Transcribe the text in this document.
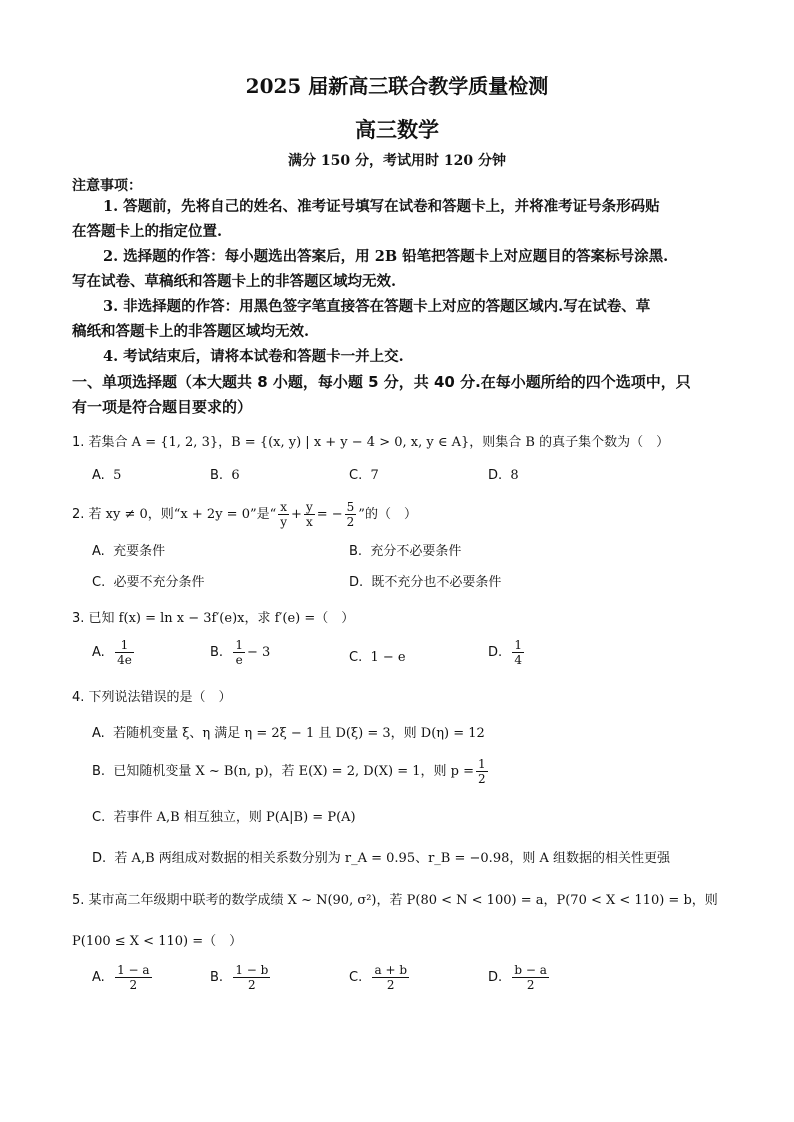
2025 届新高三联合教学质量检测
高三数学
满分 150 分，考试用时 120 分钟
注意事项：
1. 答题前，先将自己的姓名、准考证号填写在试卷和答题卡上，并将准考证号条形码贴
在答题卡上的指定位置.
2. 选择题的作答：每小题选出答案后，用 2B 铅笔把答题卡上对应题目的答案标号涂黑.
写在试卷、草稿纸和答题卡上的非答题区域均无效.
3. 非选择题的作答：用黑色签字笔直接答在答题卡上对应的答题区域内.写在试卷、草
稿纸和答题卡上的非答题区域均无效.
4. 考试结束后，请将本试卷和答题卡一并上交.
一、单项选择题（本大题共 8 小题，每小题 5 分，共 40 分.在每小题所给的四个选项中，只
有一项是符合题目要求的）
1. 若集合 A = {1, 2, 3}，B = {(x, y) | x + y − 4 > 0, x, y ∈ A}，则集合 B 的真子集个数为（　）
A. 5	B. 6	C. 7	D. 8
2. 若 xy ≠ 0，则“x + 2y = 0”是“ $\frac{x}{y} + \frac{y}{x}$ = − $\frac{5}{2}$ ”的（　）
A. 充要条件	B. 充分不必要条件
C. 必要不充分条件	D. 既不充分也不必要条件
3. 已知 f(x) = ln x − 3f′(e)x，求 f′(e) =（　）
A. $\frac{1}{4e}$	B. $\frac{1}{e} - 3$	C. 1 − e	D. $\frac{1}{4}$
4. 下列说法错误的是（　）
A. 若随机变量 ξ、η 满足 η = 2ξ − 1 且 D(ξ) = 3，则 D(η) = 12
B. 已知随机变量 X ~ B(n, p)，若 E(X) = 2, D(X) = 1，则 $p = \frac{1}{2}$
C. 若事件 A,B 相互独立，则 P(A|B) = P(A)
D. 若 A,B 两组成对数据的相关系数分别为 r_A = 0.95、r_B = −0.98，则 A 组数据的相关性更强
5. 某市高二年级期中联考的数学成绩 X ~ N(90, σ²)，若 P(80 < N < 100) = a，P(70 < X < 110) = b，则
P(100 ≤ X < 110) =（　）
A. $\frac{1 - a}{2}$	B. $\frac{1 - b}{2}$	C. $\frac{a + b}{2}$	D. $\frac{b - a}{2}$
